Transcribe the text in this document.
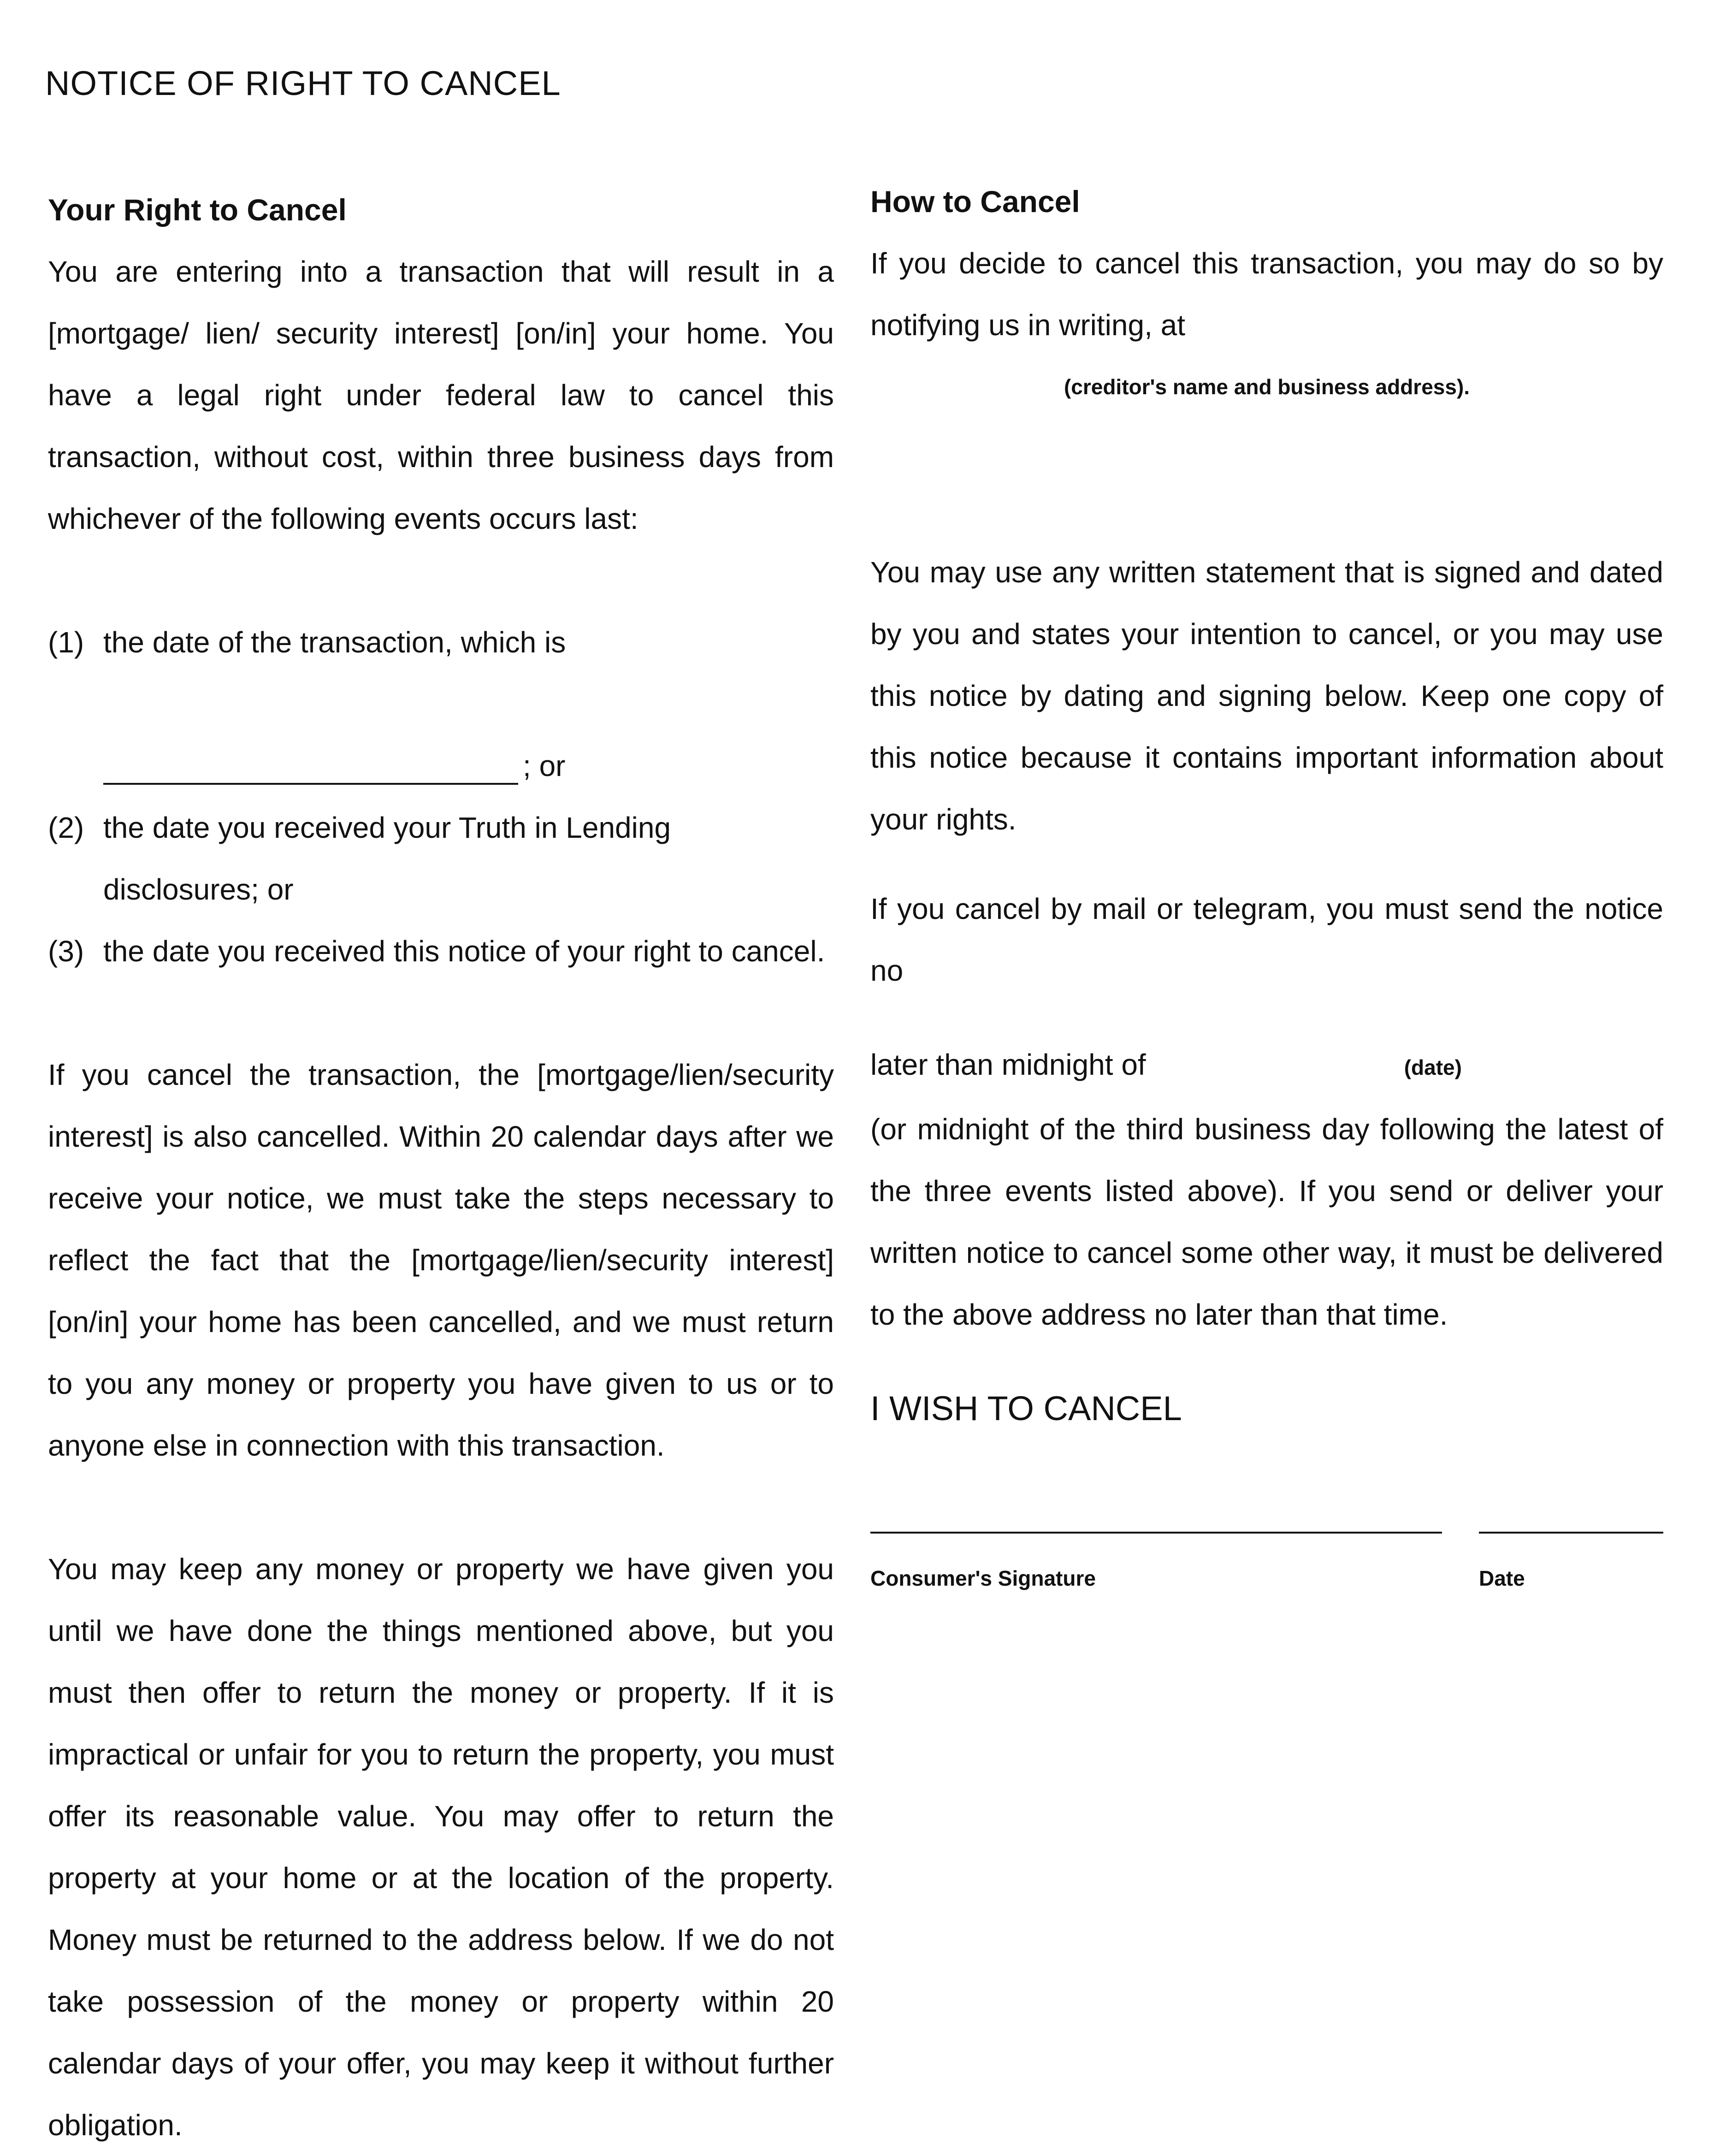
NOTICE OF RIGHT TO CANCEL
Your Right to Cancel

You are entering into a transaction that will result in a [mortgage/ lien/ security interest] [on/in] your home. You have a legal right under federal law to cancel this transaction, without cost, within three business days from whichever of the following events occurs last:

(1) the date of the transaction, which is
; or
(2) the date you received your Truth in Lending disclosures; or
(3) the date you received this notice of your right to cancel.

If you cancel the transaction, the [mortgage/lien/security interest] is also cancelled. Within 20 calendar days after we receive your notice, we must take the steps necessary to reflect the fact that the [mortgage/lien/security interest] [on/in] your home has been cancelled, and we must return to you any money or property you have given to us or to anyone else in connection with this transaction.

You may keep any money or property we have given you until we have done the things mentioned above, but you must then offer to return the money or property. If it is impractical or unfair for you to return the property, you must offer its reasonable value. You may offer to return the property at your home or at the location of the property. Money must be returned to the address below. If we do not take possession of the money or property within 20 calendar days of your offer, you may keep it without further obligation.

How to Cancel

If you decide to cancel this transaction, you may do so by notifying us in writing, at

(creditor's name and business address).

You may use any written statement that is signed and dated by you and states your intention to cancel, or you may use this notice by dating and signing below. Keep one copy of this notice because it contains important information about your rights.

If you cancel by mail or telegram, you must send the notice no

later than midnight of	(date)

(or midnight of the third business day following the latest of the three events listed above). If you send or deliver your written notice to cancel some other way, it must be delivered to the above address no later than that time.

I WISH TO CANCEL
Consumer's Signature	Date
